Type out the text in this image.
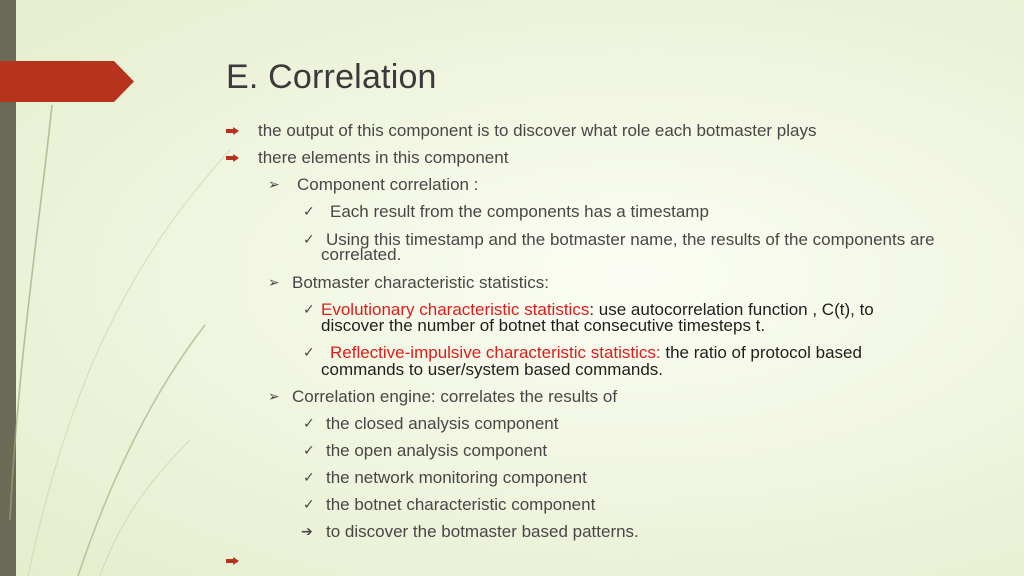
E. Correlation
the output of this component is to discover what role each botmaster plays
there elements in this component
➢ Component correlation :
✓ Each result from the components has a timestamp
✓ Using this timestamp and the botmaster name, the results of the components are
correlated.
➢ Botmaster characteristic statistics:
✓ Evolutionary characteristic statistics: use autocorrelation function , C(t), to
discover the number of botnet that consecutive timesteps t.
✓ Reflective-impulsive characteristic statistics: the ratio of protocol based
commands to user/system based commands.
➢ Correlation engine: correlates the results of
✓ the closed analysis component
✓ the open analysis component
✓ the network monitoring component
✓ the botnet characteristic component
➔ to discover the botmaster based patterns.
